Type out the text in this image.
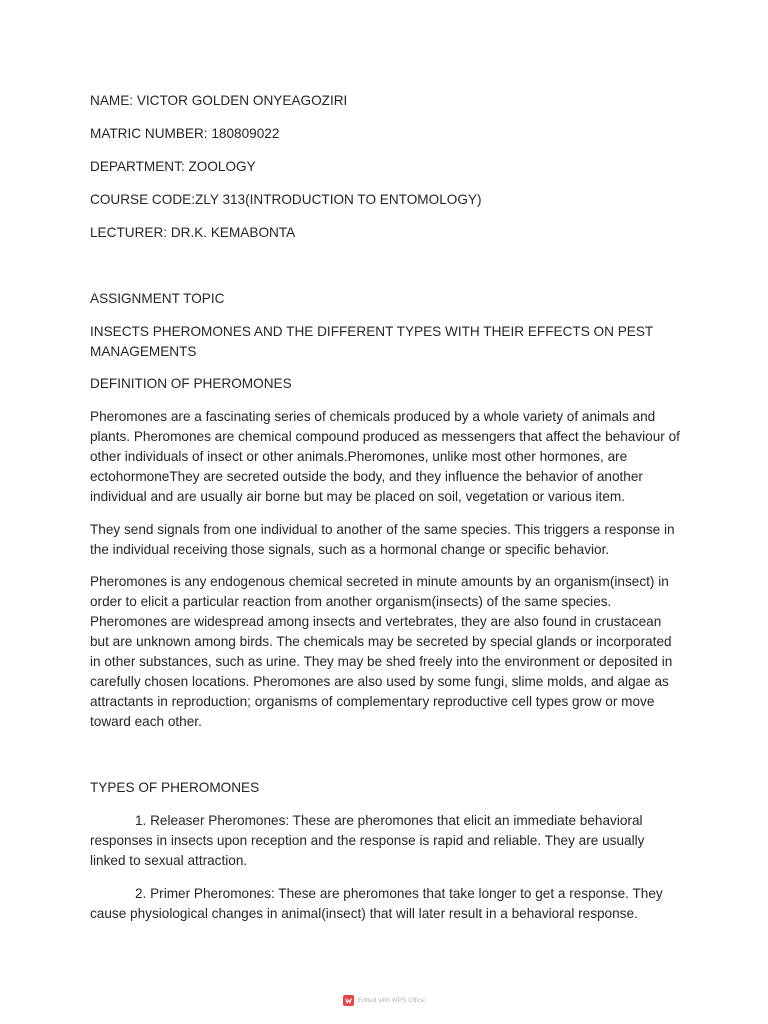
NAME: VICTOR GOLDEN ONYEAGOZIRI

MATRIC NUMBER: 180809022

DEPARTMENT: ZOOLOGY

COURSE CODE:ZLY 313(INTRODUCTION TO ENTOMOLOGY)

LECTURER: DR.K. KEMABONTA

ASSIGNMENT TOPIC

INSECTS PHEROMONES AND THE DIFFERENT TYPES WITH THEIR EFFECTS ON PEST MANAGEMENTS

DEFINITION OF PHEROMONES

Pheromones are a fascinating series of chemicals produced by a whole variety of animals and plants. Pheromones are chemical compound produced as messengers that affect the behaviour of other individuals of insect or other animals.Pheromones, unlike most other hormones, are ectohormoneThey are secreted outside the body, and they influence the behavior of another individual and are usually air borne but may be placed on soil, vegetation or various item.

They send signals from one individual to another of the same species. This triggers a response in the individual receiving those signals, such as a hormonal change or specific behavior.

Pheromones is any endogenous chemical secreted in minute amounts by an organism(insect) in order to elicit a particular reaction from another organism(insects) of the same species. Pheromones are widespread among insects and vertebrates, they are also found in crustacean but are unknown among birds. The chemicals may be secreted by special glands or incorporated in other substances, such as urine. They may be shed freely into the environment or deposited in carefully chosen locations. Pheromones are also used by some fungi, slime molds, and algae as attractants in reproduction; organisms of complementary reproductive cell types grow or move toward each other.

TYPES OF PHEROMONES

1. Releaser Pheromones: These are pheromones that elicit an immediate behavioral responses in insects upon reception and the response is rapid and reliable. They are usually linked to sexual attraction.

2. Primer Pheromones: These are pheromones that take longer to get a response. They cause physiological changes in animal(insect) that will later result in a behavioral response.

Edited with WPS Office
